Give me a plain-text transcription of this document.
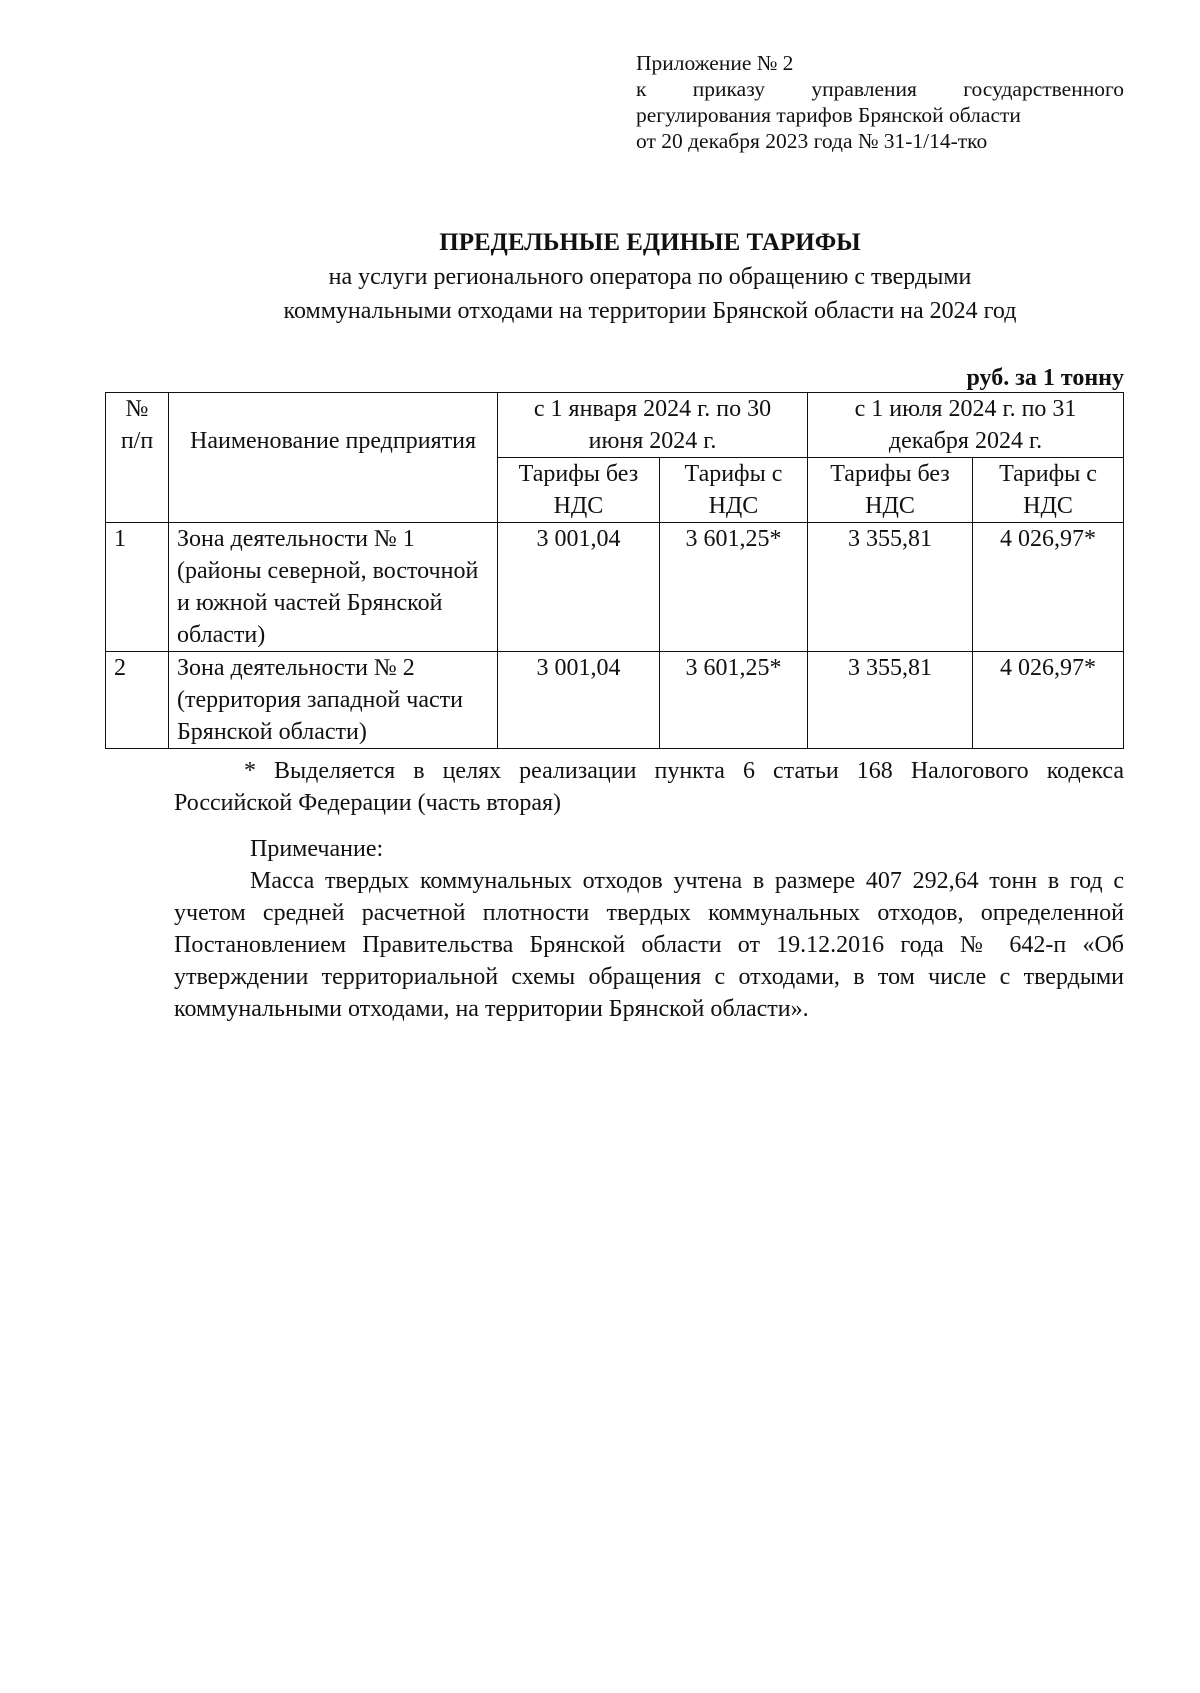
Приложение № 2
к приказу управления государственного
регулирования тарифов Брянской области
от 20 декабря 2023 года № 31-1/14-тко

ПРЕДЕЛЬНЫЕ ЕДИНЫЕ ТАРИФЫ

на услуги регионального оператора по обращению с твердыми

коммунальными отходами на территории Брянской области на 2024 год

руб. за 1 тонну
№ п/п	Наименование предприятия	с 1 января 2024 г. по 30 июня 2024 г.		с 1 июля 2024 г. по 31 декабря 2024 г.	
		Тарифы без НДС	Тарифы с НДС	Тарифы без НДС	Тарифы с НДС
1	Зона деятельности № 1 (районы северной, восточной и южной частей Брянской области)	3 001,04	3 601,25*	3 355,81	4 026,97*
2	Зона деятельности № 2 (территория западной части Брянской области)	3 001,04	3 601,25*	3 355,81	4 026,97*
* Выделяется в целях реализации пункта 6 статьи 168 Налогового кодекса Российской Федерации (часть вторая)
Примечание:
Масса твердых коммунальных отходов учтена в размере 407 292,64 тонн в год с учетом средней расчетной плотности твердых коммунальных отходов, определенной Постановлением Правительства Брянской области от 19.12.2016 года № 642-п «Об утверждении территориальной схемы обращения с отходами, в том числе с твердыми коммунальными отходами, на территории Брянской области».
